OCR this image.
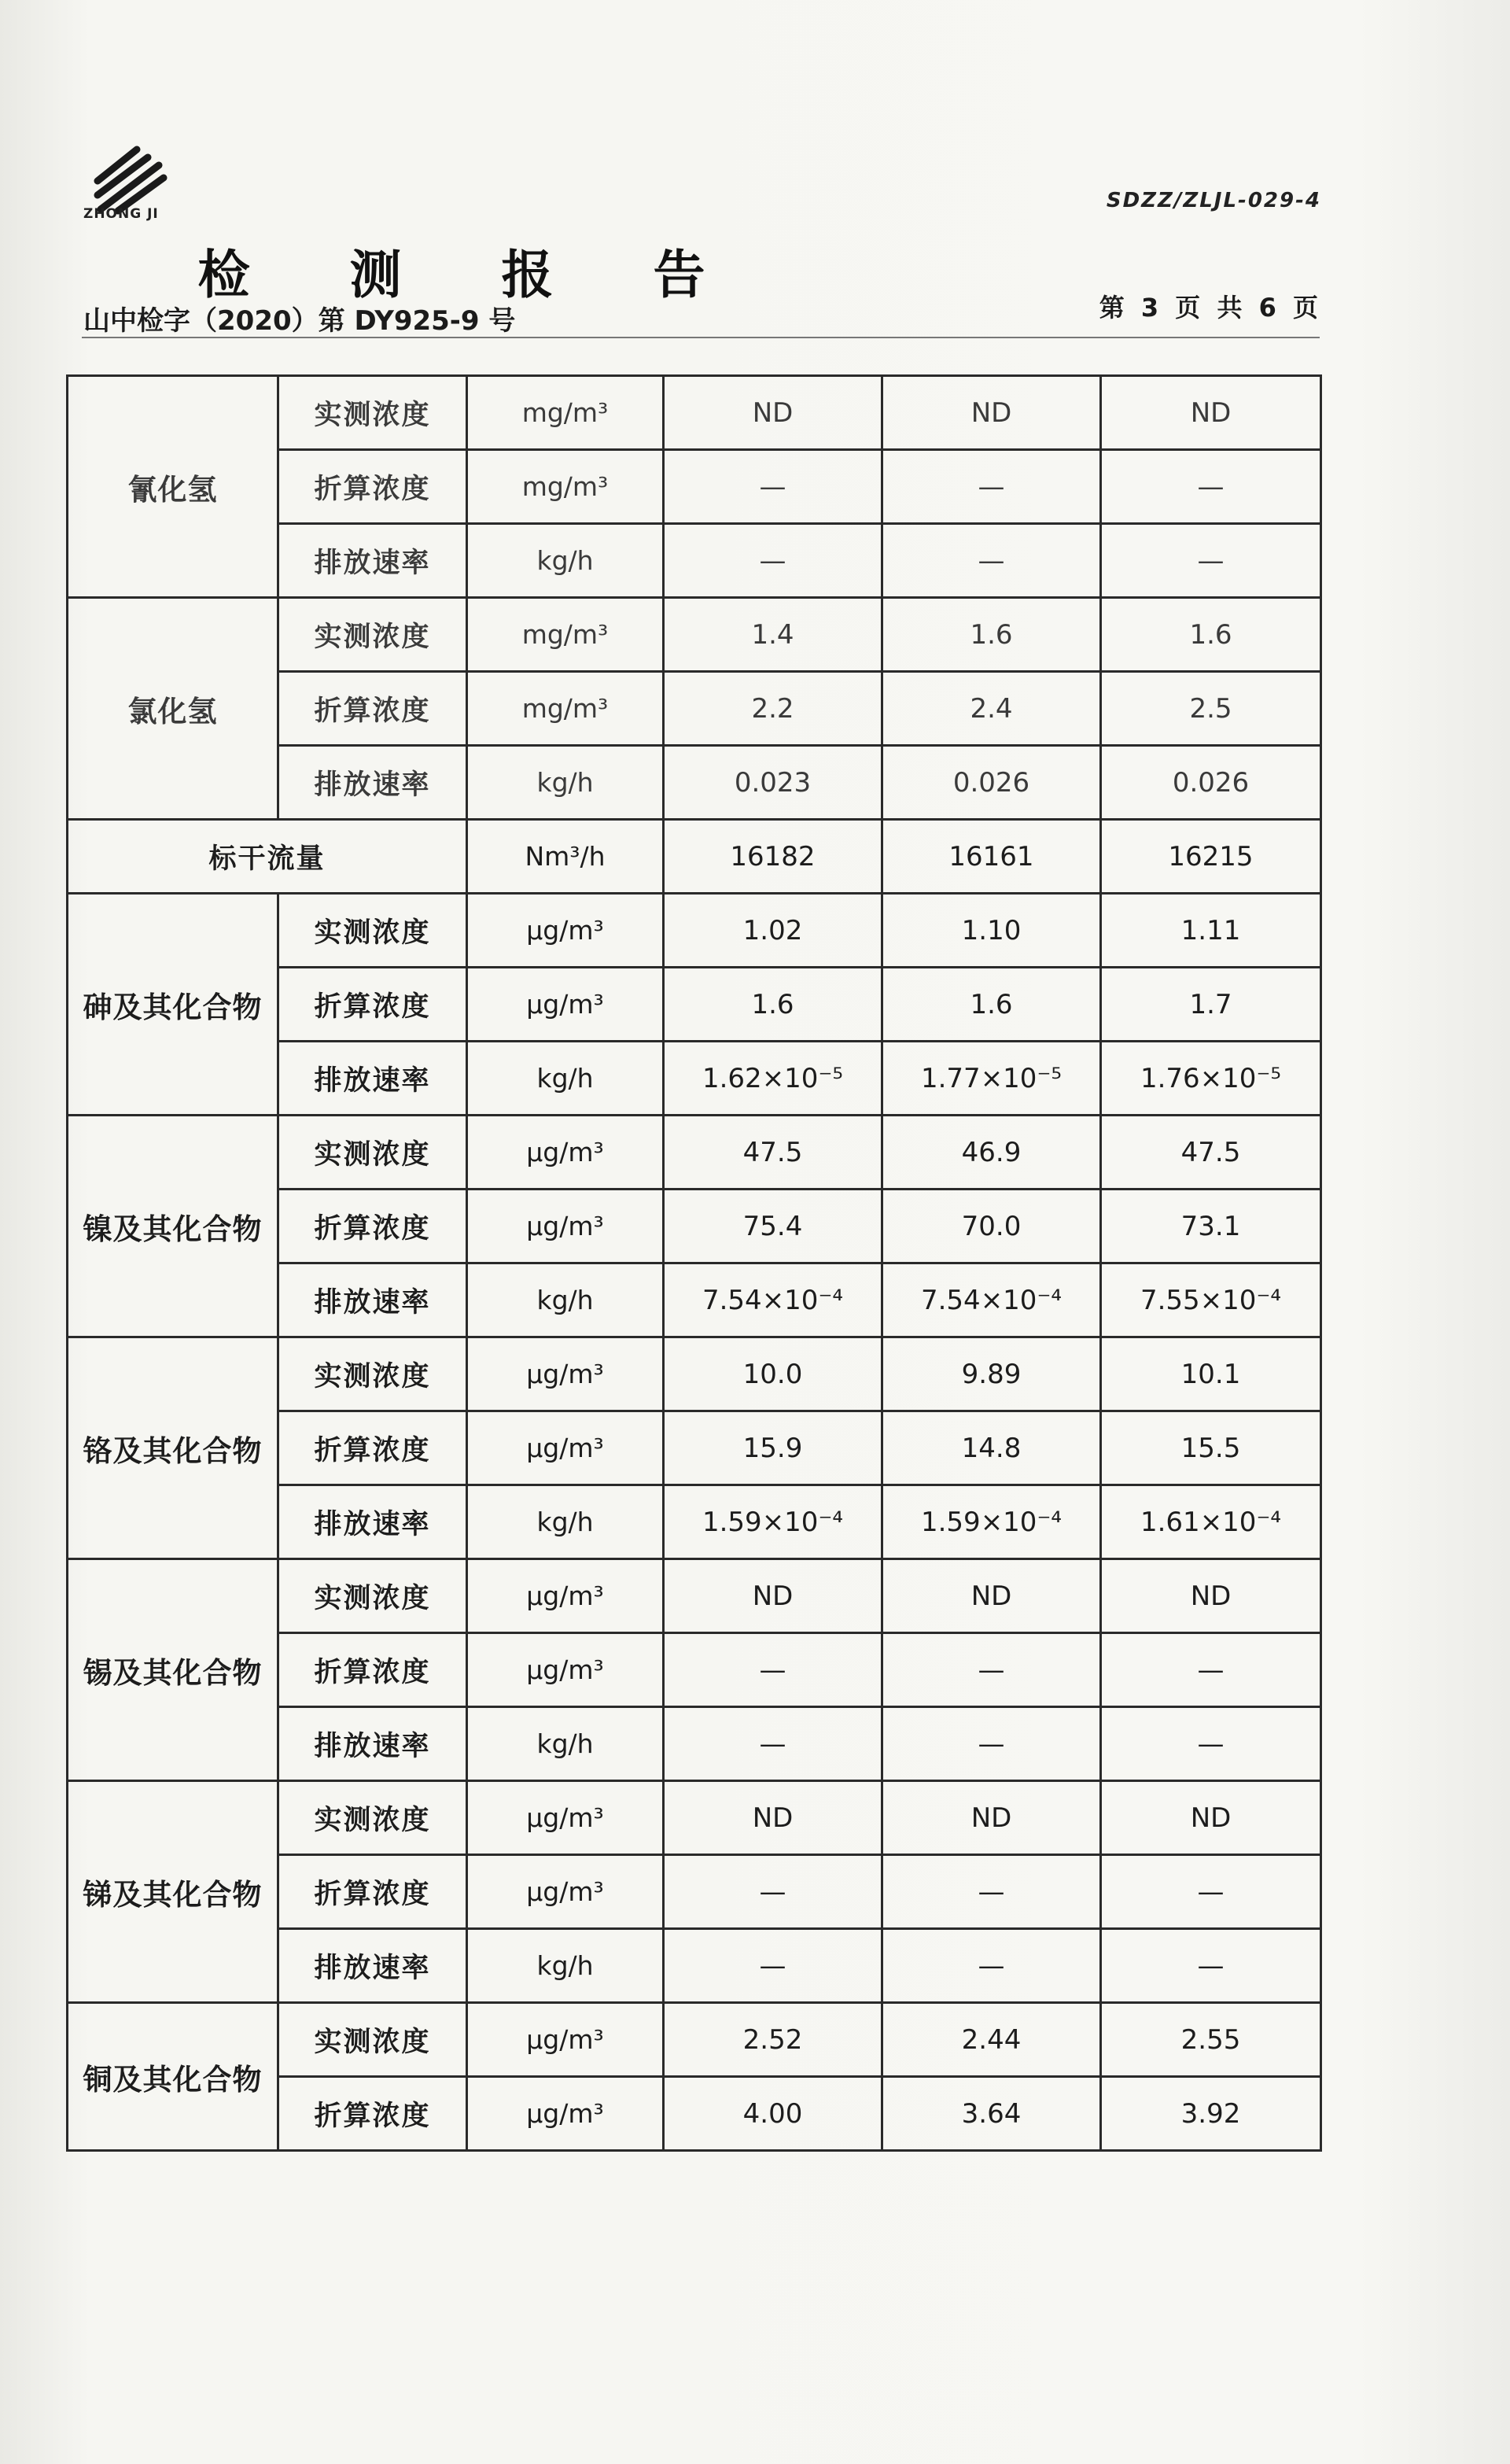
ZHONG JI
SDZZ/ZLJL-029-4
检 测 报 告
山中检字（2020）第 DY925-9 号	第 3 页 共 6 页
氰化氢	实测浓度	mg/m³	ND	ND	ND
	折算浓度	mg/m³	—	—	—
	排放速率	kg/h	—	—	—
氯化氢	实测浓度	mg/m³	1.4	1.6	1.6
	折算浓度	mg/m³	2.2	2.4	2.5
	排放速率	kg/h	0.023	0.026	0.026
标干流量		Nm³/h	16182	16161	16215
砷及其化合物	实测浓度	μg/m³	1.02	1.10	1.11
	折算浓度	μg/m³	1.6	1.6	1.7
	排放速率	kg/h	1.62×10⁻⁵	1.77×10⁻⁵	1.76×10⁻⁵
镍及其化合物	实测浓度	μg/m³	47.5	46.9	47.5
	折算浓度	μg/m³	75.4	70.0	73.1
	排放速率	kg/h	7.54×10⁻⁴	7.54×10⁻⁴	7.55×10⁻⁴
铬及其化合物	实测浓度	μg/m³	10.0	9.89	10.1
	折算浓度	μg/m³	15.9	14.8	15.5
	排放速率	kg/h	1.59×10⁻⁴	1.59×10⁻⁴	1.61×10⁻⁴
锡及其化合物	实测浓度	μg/m³	ND	ND	ND
	折算浓度	μg/m³	—	—	—
	排放速率	kg/h	—	—	—
锑及其化合物	实测浓度	μg/m³	ND	ND	ND
	折算浓度	μg/m³	—	—	—
	排放速率	kg/h	—	—	—
铜及其化合物	实测浓度	μg/m³	2.52	2.44	2.55
	折算浓度	μg/m³	4.00	3.64	3.92
